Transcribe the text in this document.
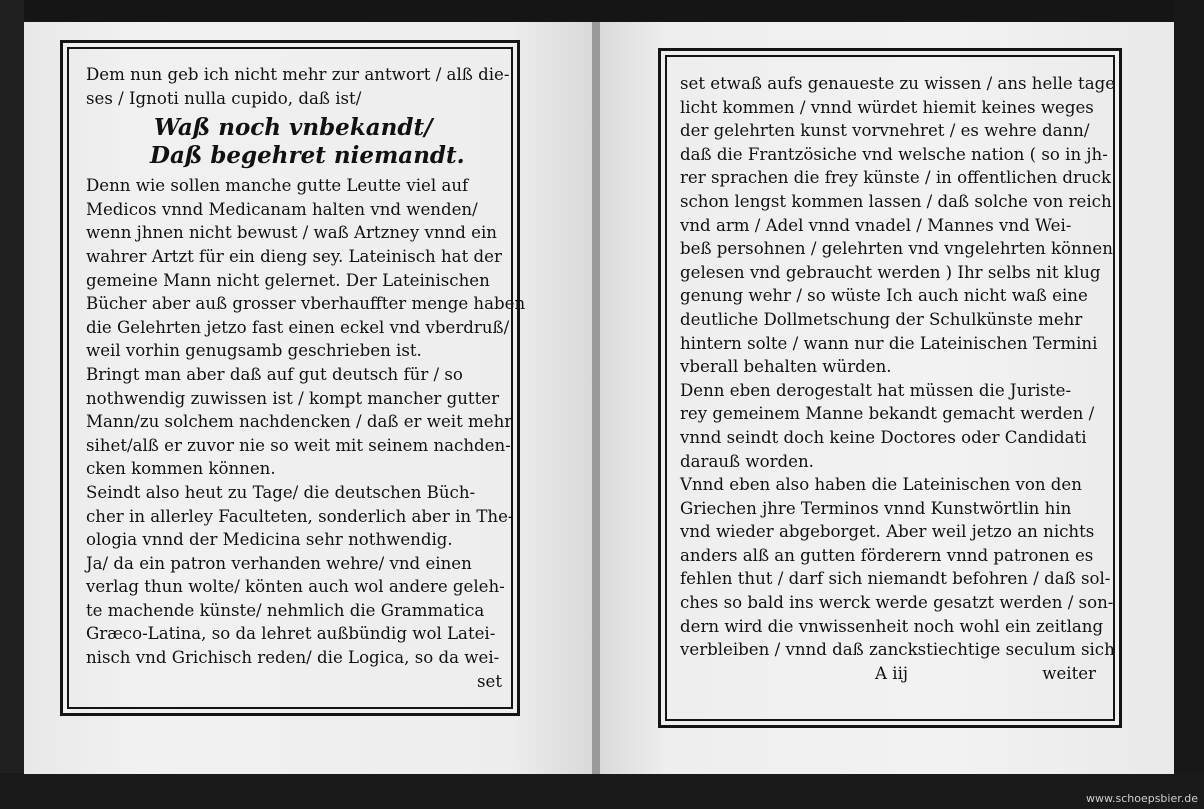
Dem nun geb ich nicht mehr zur antwort / alß die-
ses / Ignoti nulla cupido, daß ist/
Waß noch vnbekandt/
Daß begehret niemandt.
Denn wie sollen manche gutte Leutte viel auf
Medicos vnnd Medicanam halten vnd wenden/
wenn jhnen nicht bewust / waß Artzney vnnd ein
wahrer Artzt für ein dieng sey. Lateinisch hat der
gemeine Mann nicht gelernet. Der Lateinischen
Bücher aber auß grosser vberhauffter menge haben
die Gelehrten jetzo fast einen eckel vnd vberdruß/
weil vorhin genugsamb geschrieben ist.
Bringt man aber daß auf gut deutsch für / so
nothwendig zuwissen ist / kompt mancher gutter
Mann/zu solchem nachdencken / daß er weit mehr
sihet/alß er zuvor nie so weit mit seinem nachden-
cken kommen können.
Seindt also heut zu Tage/ die deutschen Büch-
cher in allerley Faculteten, sonderlich aber in The-
ologia vnnd der Medicina sehr nothwendig.
Ja/ da ein patron verhanden wehre/ vnd einen
verlag thun wolte/ könten auch wol andere geleh-
te machende künste/ nehmlich die Grammatica
Græco-Latina, so da lehret außbündig wol Latei-
nisch vnd Grichisch reden/ die Logica, so da wei-
set
set etwaß aufs genaueste zu wissen / ans helle tage
licht kommen / vnnd würdet hiemit keines weges
der gelehrten kunst vorvnehret / es wehre dann/
daß die Frantzösiche vnd welsche nation ( so in jh-
rer sprachen die frey künste / in offentlichen druck
schon lengst kommen lassen / daß solche von reich
vnd arm / Adel vnnd vnadel / Mannes vnd Wei-
beß persohnen / gelehrten vnd vngelehrten können
gelesen vnd gebraucht werden ) Ihr selbs nit klug
genung wehr / so wüste Ich auch nicht waß eine
deutliche Dollmetschung der Schulkünste mehr
hintern solte / wann nur die Lateinischen Termini
vberall behalten würden.
Denn eben derogestalt hat müssen die Juriste-
rey gemeinem Manne bekandt gemacht werden /
vnnd seindt doch keine Doctores oder Candidati
darauß worden.
Vnnd eben also haben die Lateinischen von den
Griechen jhre Terminos vnnd Kunstwörtlin hin
vnd wieder abgeborget. Aber weil jetzo an nichts
anders alß an gutten förderern vnnd patronen es
fehlen thut / darf sich niemandt befohren / daß sol-
ches so bald ins werck werde gesatzt werden / son-
dern wird die vnwissenheit noch wohl ein zeitlang
verbleiben / vnnd daß zanckstiechtige seculum sich
A iij	weiter
www.schoepsbier.de
